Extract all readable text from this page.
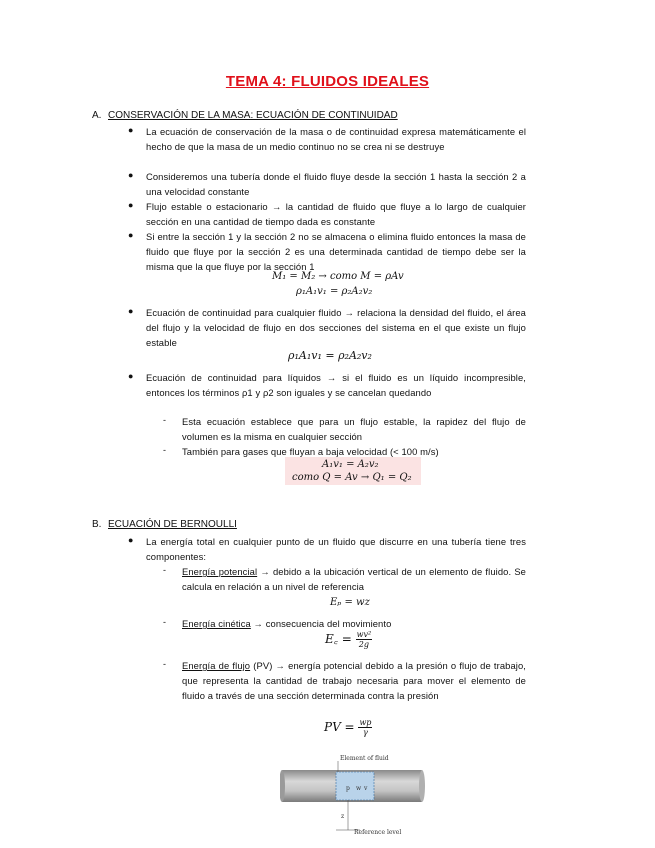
TEMA 4: FLUIDOS IDEALES
A. CONSERVACIÓN DE LA MASA: ECUACIÓN DE CONTINUIDAD
● La ecuación de conservación de la masa o de continuidad expresa matemáticamente el hecho de que la masa de un medio continuo no se crea ni se destruye
● Consideremos una tubería donde el fluido fluye desde la sección 1 hasta la sección 2 a una velocidad constante
● Flujo estable o estacionario → la cantidad de fluido que fluye a lo largo de cualquier sección en una cantidad de tiempo dada es constante
● Si entre la sección 1 y la sección 2 no se almacena o elimina fluido entonces la masa de fluido que fluye por la sección 2 es una determinada cantidad de tiempo debe ser la misma que la que fluye por la sección 1
M₁ = M₂ → como M = ρAv
ρ₁A₁v₁ = ρ₂A₂v₂
● Ecuación de continuidad para cualquier fluido → relaciona la densidad del fluido, el área del flujo y la velocidad de flujo en dos secciones del sistema en el que existe un flujo estable
ρ₁A₁v₁ = ρ₂A₂v₂
● Ecuación de continuidad para líquidos → si el fluido es un líquido incompresible, entonces los términos ρ1 y ρ2 son iguales y se cancelan quedando
- Esta ecuación establece que para un flujo estable, la rapidez del flujo de volumen es la misma en cualquier sección
- También para gases que fluyan a baja velocidad (< 100 m/s)
A₁v₁ = A₂v₂
como Q = Av → Q₁ = Q₂
B. ECUACIÓN DE BERNOULLI
● La energía total en cualquier punto de un fluido que discurre en una tubería tiene tres componentes:
- Energía potencial → debido a la ubicación vertical de un elemento de fluido. Se calcula en relación a un nivel de referencia
Eₚ = wz
- Energía cinética → consecuencia del movimiento
E꜀ = $\frac{\text{wv²}}{2g}$
- Energía de flujo (PV) → energía potencial debido a la presión o flujo de trabajo, que representa la cantidad de trabajo necesaria para mover el elemento de fluido a través de una sección determinada contra la presión
PV = $\frac{wp}{\gamma}$
p w v
Element of fluid
z
Reference level
